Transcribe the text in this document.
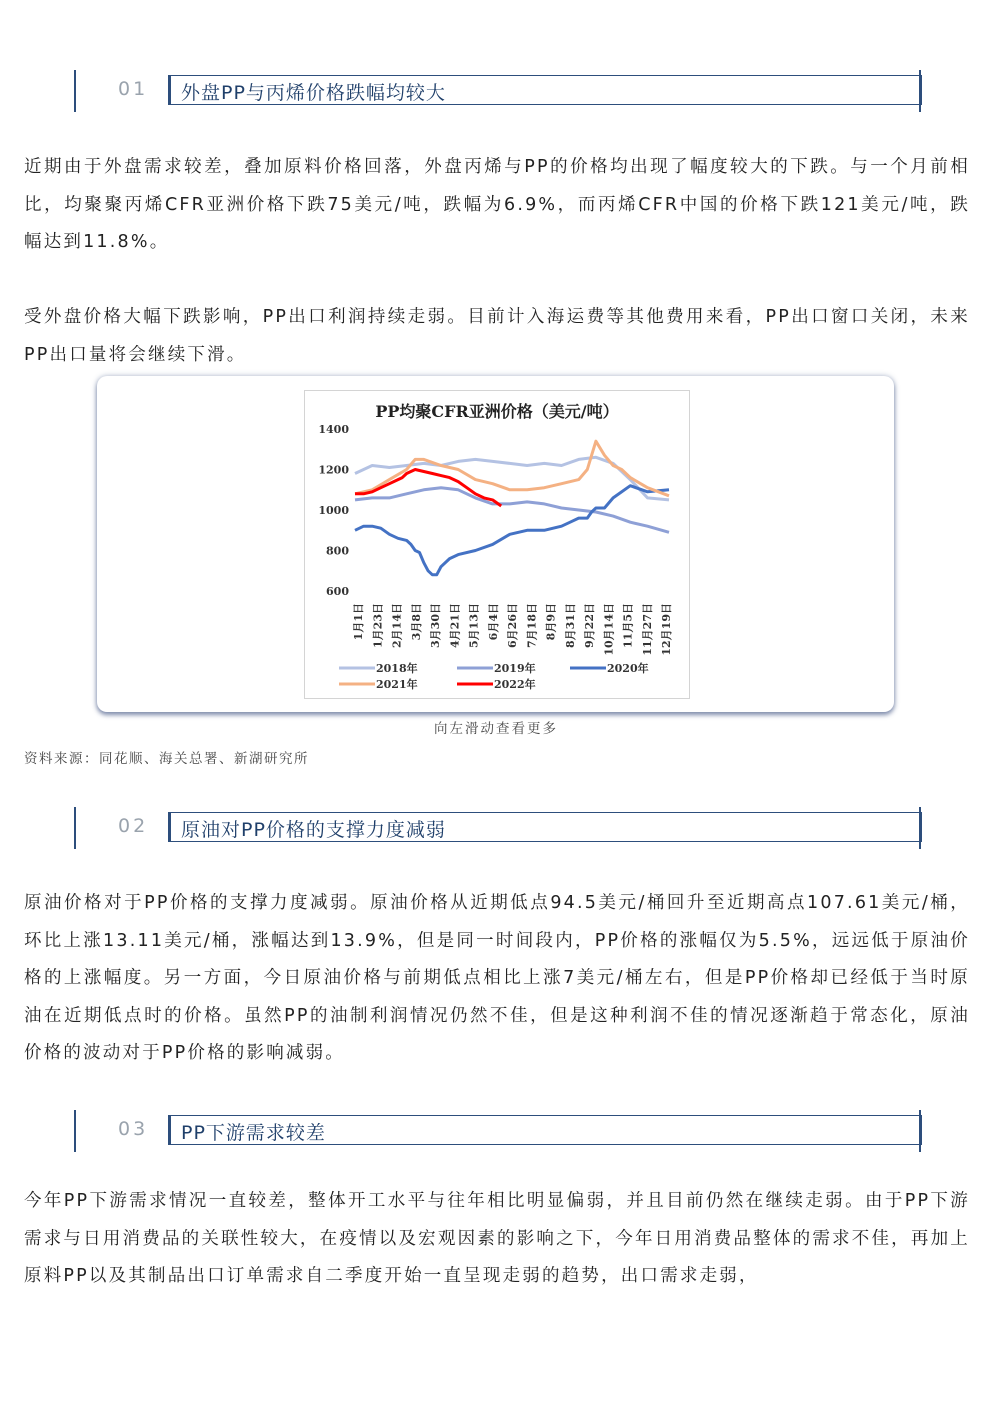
01 外盘PP与丙烯价格跌幅均较大

近期由于外盘需求较差，叠加原料价格回落，外盘丙烯与PP的价格均出现了幅度较大的下跌。与一个月前相比，均聚聚丙烯CFR亚洲价格下跌75美元/吨，跌幅为6.9%，而丙烯CFR中国的价格下跌121美元/吨，跌幅达到11.8%。

受外盘价格大幅下跌影响，PP出口利润持续走弱。目前计入海运费等其他费用来看，PP出口窗口关闭，未来PP出口量将会继续下滑。

PP均聚CFR亚洲价格（美元/吨）
600
800
1000
1200
1400
1月1日 1月23日 2月14日 3月8日 3月30日 4月21日 5月13日 6月4日 6月26日 7月18日 8月9日 8月31日 9月22日 10月14日 11月5日 11月27日 12月19日
2018年	2019年	2020年
2021年	2022年
向左滑动查看更多
资料来源：同花顺、海关总署、新湖研究所
02 原油对PP价格的支撑力度减弱

原油价格对于PP价格的支撑力度减弱。原油价格从近期低点94.5美元/桶回升至近期高点107.61美元/桶，环比上涨13.11美元/桶，涨幅达到13.9%，但是同一时间段内，PP价格的涨幅仅为5.5%，远远低于原油价格的上涨幅度。另一方面，今日原油价格与前期低点相比上涨7美元/桶左右，但是PP价格却已经低于当时原油在近期低点时的价格。虽然PP的油制利润情况仍然不佳，但是这种利润不佳的情况逐渐趋于常态化，原油价格的波动对于PP价格的影响减弱。

03 PP下游需求较差

今年PP下游需求情况一直较差，整体开工水平与往年相比明显偏弱，并且目前仍然在继续走弱。由于PP下游需求与日用消费品的关联性较大，在疫情以及宏观因素的影响之下，今年日用消费品整体的需求不佳，再加上原料PP以及其制品出口订单需求自二季度开始一直呈现走弱的趋势，出口需求走弱，
